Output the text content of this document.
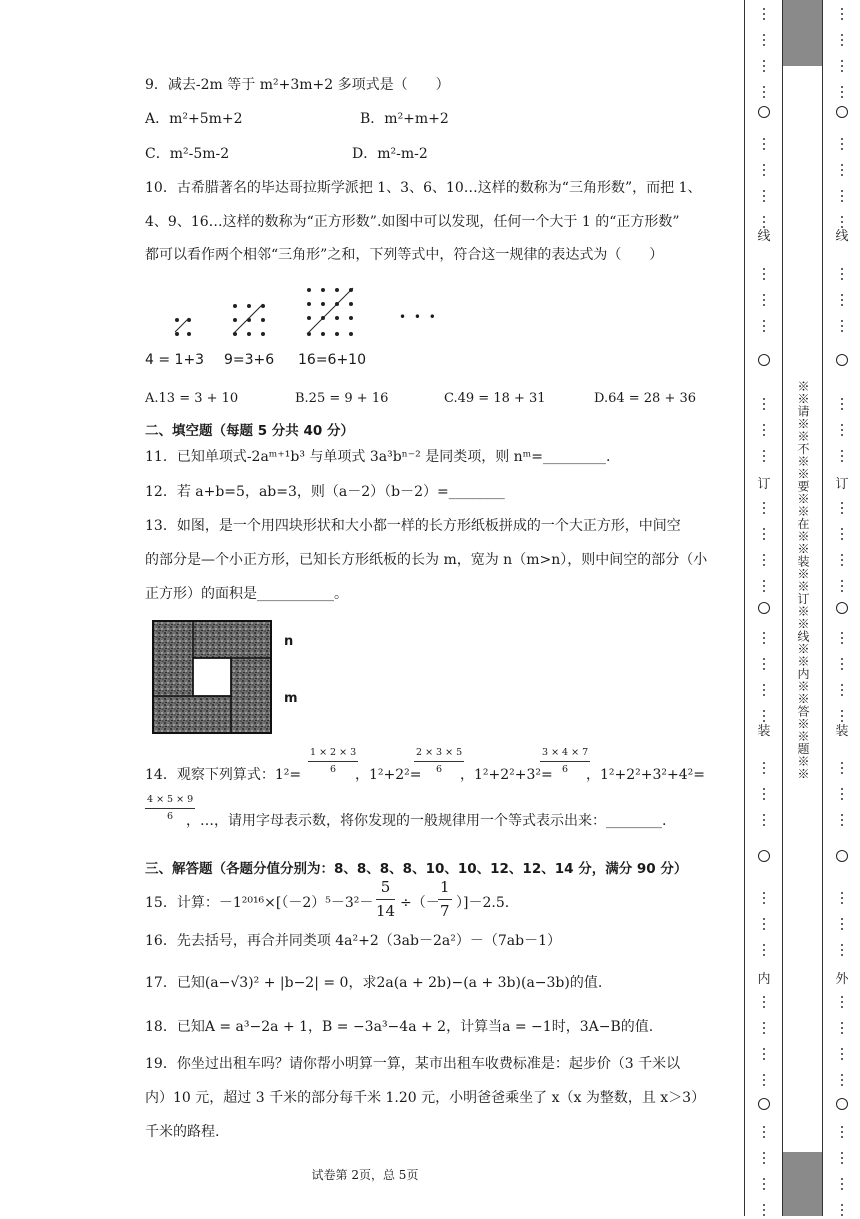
9．减去-2m 等于 m²+3m+2 多项式是（　　）
A．m²+5m+2	B．m²+m+2
C．m²-5m-2	D．m²-m-2
10．古希腊著名的毕达哥拉斯学派把 1、3、6、10…这样的数称为“三角形数”，而把 1、
4、9、16…这样的数称为“正方形数”.如图中可以发现，任何一个大于 1 的“正方形数”
都可以看作两个相邻“三角形”之和，下列等式中，符合这一规律的表达式为（　　）
• • •
4 = 1+3 9=3+6 16=6+10
A.13 = 3 + 10	B.25 = 9 + 16	C.49 = 18 + 31	D.64 = 28 + 36
二、填空题（每题 5 分共 40 分）
11．已知单项式-2aᵐ⁺¹b³ 与单项式 3a³bⁿ⁻² 是同类项，则 nᵐ=_________.
12．若 a+b=5，ab=3，则（a－2）（b－2）=________
13．如图，是一个用四块形状和大小都一样的长方形纸板拼成的一个大正方形，中间空
的部分是—个小正方形，已知长方形纸板的长为 m，宽为 n（m>n），则中间空的部分（小
正方形）的面积是___________。
n
m
14．观察下列算式：1²=
$\frac{1 \times 2 \times 3}{6}$
，1²+2²=
$\frac{2 \times 3 \times 5}{6}$
，1²+2²+3²=
$\frac{3 \times 4 \times 7}{6}$
，1²+2²+3²+4²=
$\frac{4 \times 5 \times 9}{6}$
，…，请用字母表示数，将你发现的一般规律用一个等式表示出来：________.
三、解答题（各题分值分别为：8、8、8、8、10、10、12、12、14 分，满分 90 分）
15．计算：$-1^{2016}\times[(-2)^5-3^2- \frac{5}{14}$ ÷（－
$\frac{1}{7} )]-2.5$.
16．先去括号，再合并同类项 4a²+2（3ab－2a²）－（7ab－1）
17．已知(a−√3)² + |b−2| = 0，求2a(a + 2b)−(a + 3b)(a−3b)的值.
18．已知A = a³−2a + 1，B = −3a³−4a + 2，计算当a = −1时，3A−B的值.
19．你坐过出租车吗？请你帮小明算一算，某市出租车收费标准是：起步价（3 千米以
内）10 元，超过 3 千米的部分每千米 1.20 元，小明爸爸乘坐了 x（x 为整数，且 x＞3）
千米的路程.
试卷第 2页，总 5页
线
订
装
内
线
订
装
外
※※请※※不※※要※※在※※装※※订※※线※※内※※答※※题※※
